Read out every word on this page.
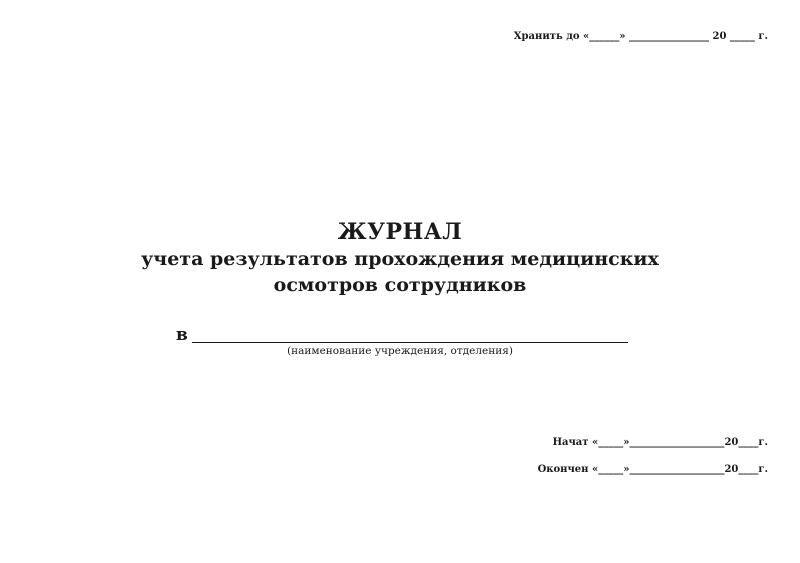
Хранить до «______» ________________ 20 _____ г.
ЖУРНАЛ
учета результатов прохождения медицинских
осмотров сотрудников
в
(наименование учреждения, отделения)
Начат «_____»___________________20____г.
Окончен «_____»___________________20____г.
